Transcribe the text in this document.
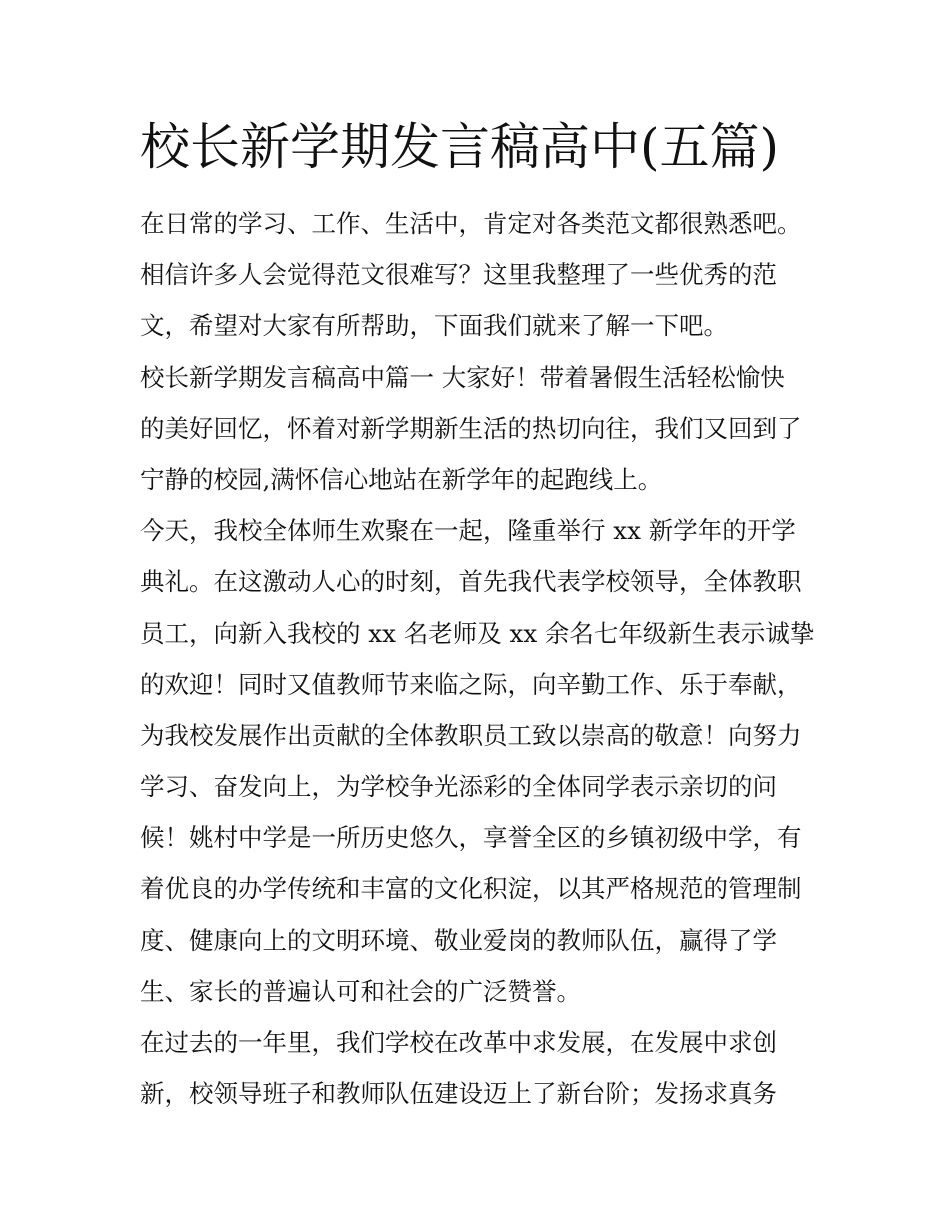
校长新学期发言稿高中(五篇)
在日常的学习、工作、生活中，肯定对各类范文都很熟悉吧。
相信许多人会觉得范文很难写？这里我整理了一些优秀的范
文，希望对大家有所帮助，下面我们就来了解一下吧。
校长新学期发言稿高中篇一 大家好！带着暑假生活轻松愉快
的美好回忆，怀着对新学期新生活的热切向往，我们又回到了
宁静的校园,满怀信心地站在新学年的起跑线上。
今天，我校全体师生欢聚在一起，隆重举行 xx 新学年的开学
典礼。在这激动人心的时刻，首先我代表学校领导，全体教职
员工，向新入我校的 xx 名老师及 xx 余名七年级新生表示诚挚
的欢迎！同时又值教师节来临之际，向辛勤工作、乐于奉献，
为我校发展作出贡献的全体教职员工致以崇高的敬意！向努力
学习、奋发向上，为学校争光添彩的全体同学表示亲切的问
候！姚村中学是一所历史悠久，享誉全区的乡镇初级中学，有
着优良的办学传统和丰富的文化积淀，以其严格规范的管理制
度、健康向上的文明环境、敬业爱岗的教师队伍，赢得了学
生、家长的普遍认可和社会的广泛赞誉。
在过去的一年里，我们学校在改革中求发展，在发展中求创
新，校领导班子和教师队伍建设迈上了新台阶；发扬求真务
